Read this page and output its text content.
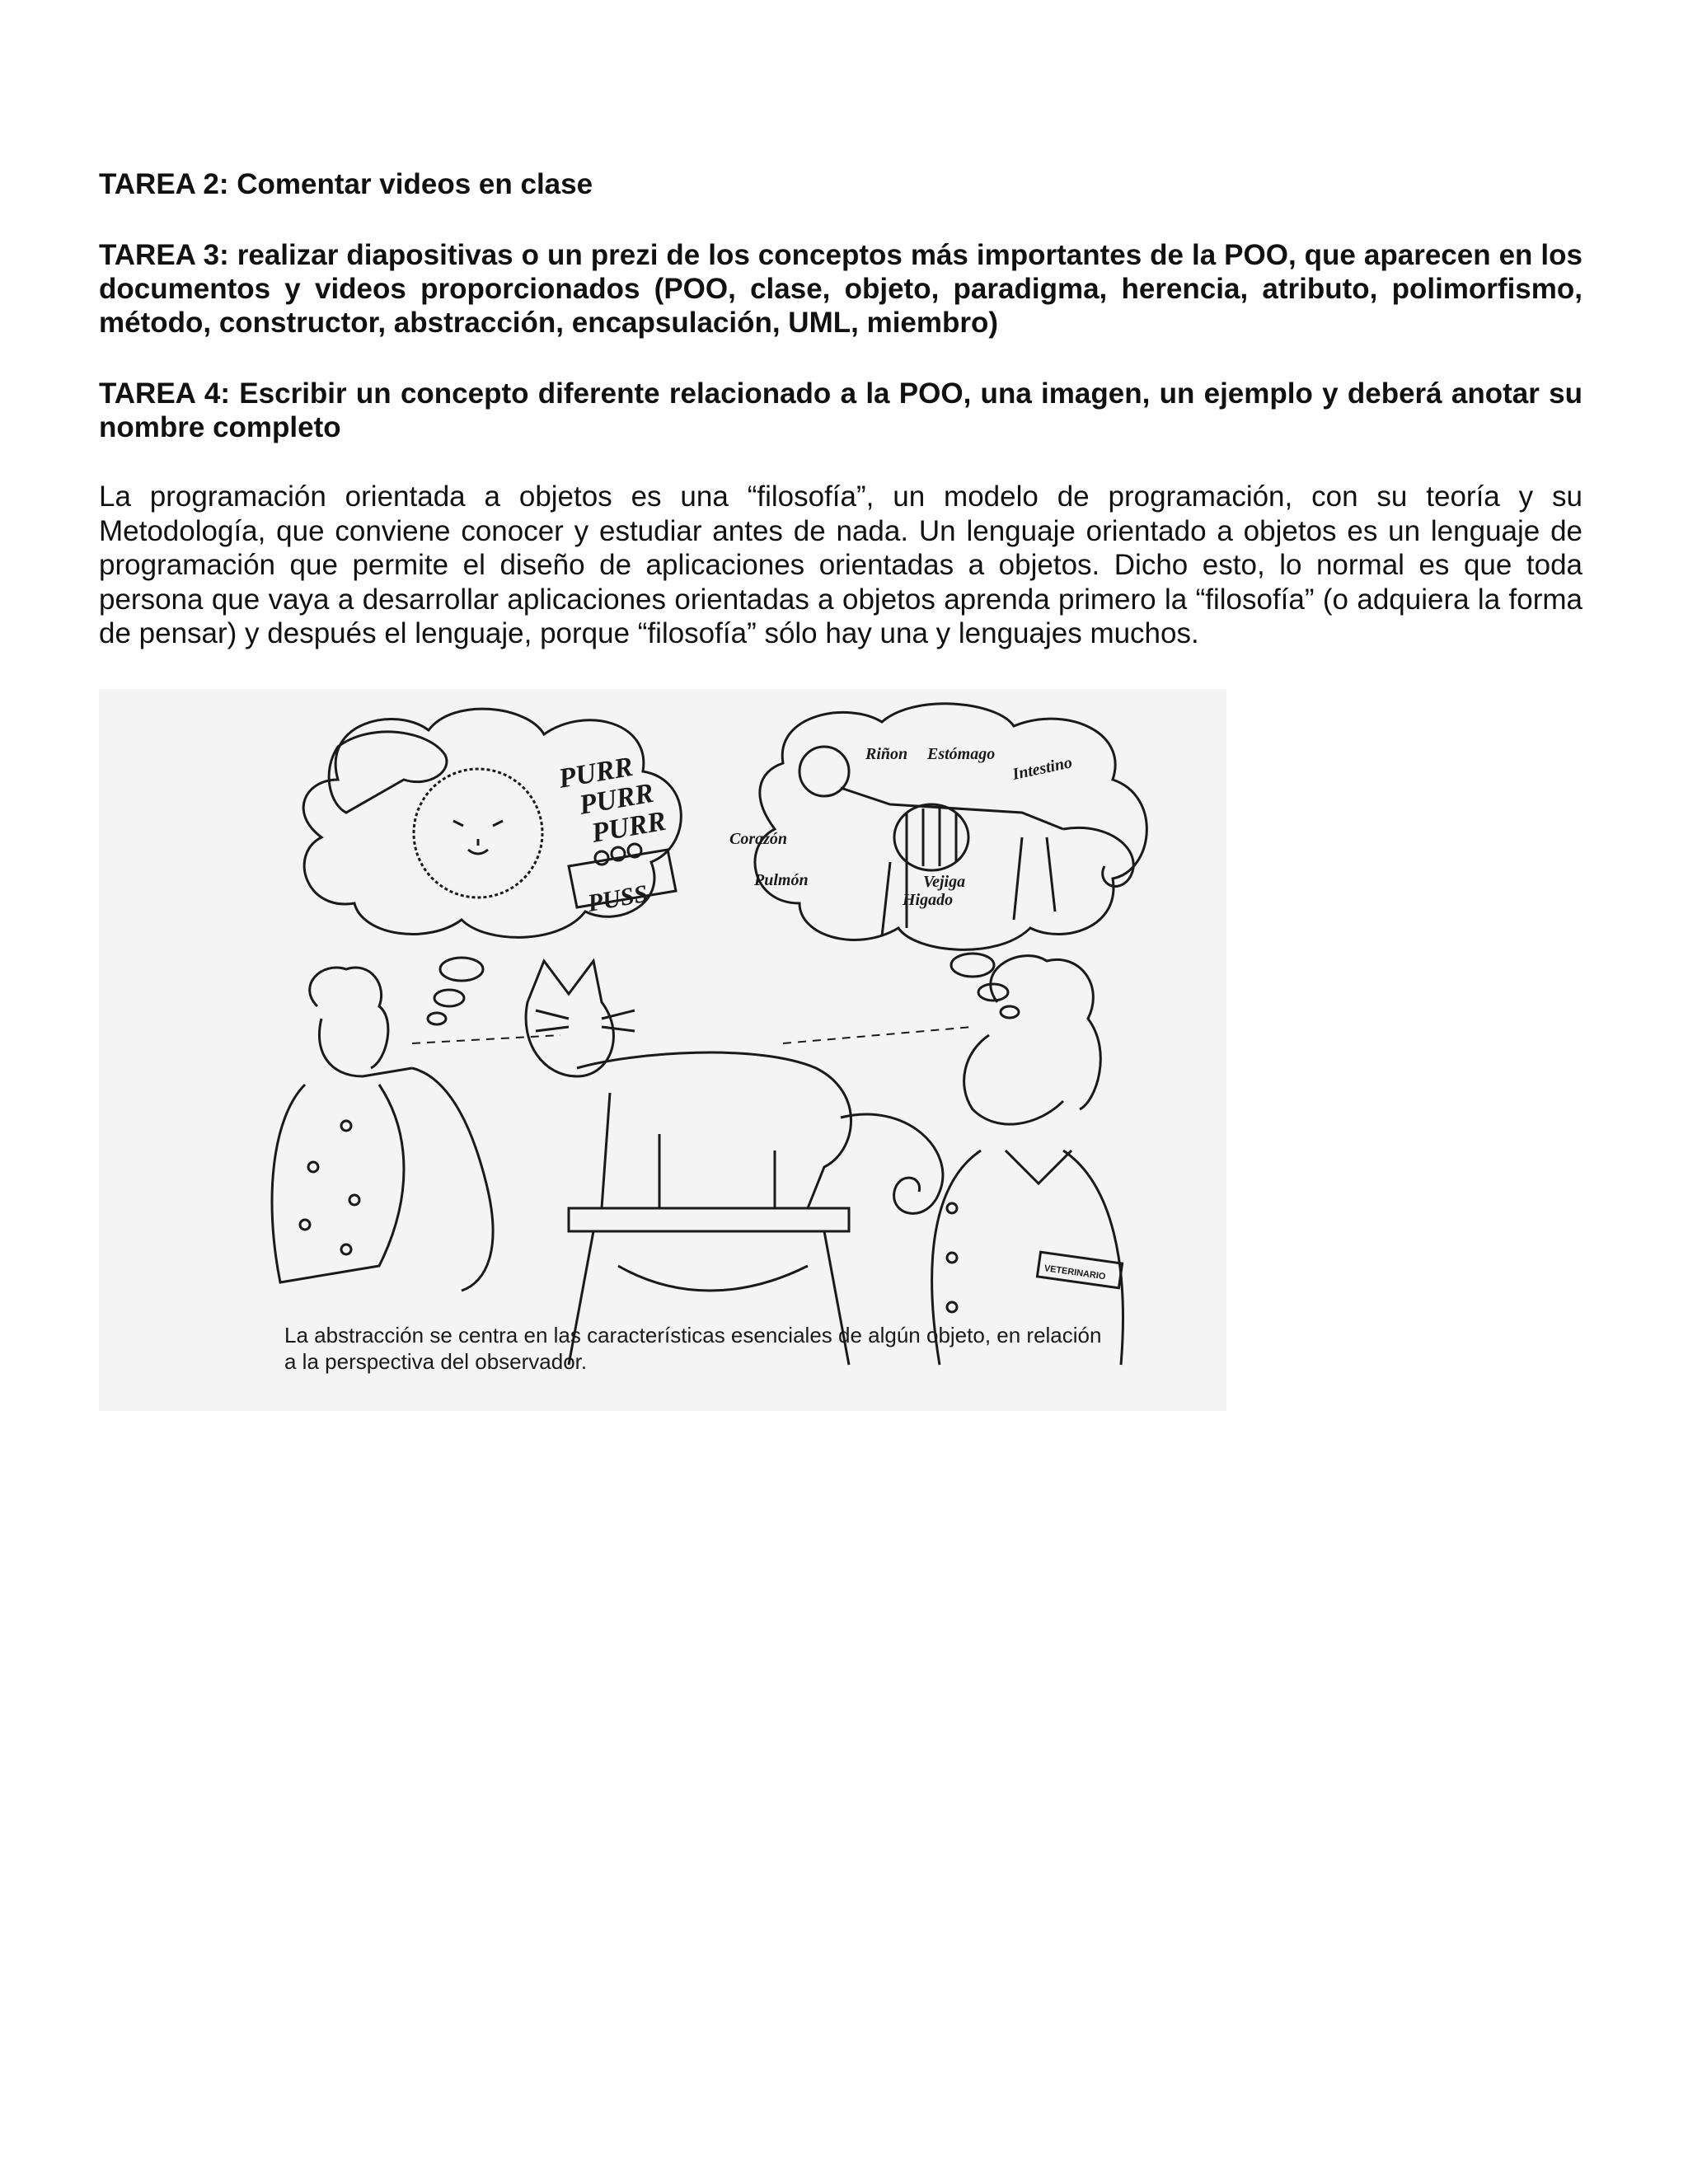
TAREA 2: Comentar videos en clase

TAREA 3: realizar diapositivas o un prezi de los conceptos más importantes de la POO, que aparecen en los documentos y videos proporcionados (POO, clase, objeto, paradigma, herencia, atributo, polimorfismo, método, constructor, abstracción, encapsulación, UML, miembro)

TAREA 4: Escribir un concepto diferente relacionado a la POO, una imagen, un ejemplo y deberá anotar su nombre completo

La programación orientada a objetos es una “filosofía”, un modelo de programación, con su teoría y su Metodología, que conviene conocer y estudiar antes de nada. Un lenguaje orientado a objetos es un lenguaje de programación que permite el diseño de aplicaciones orientadas a objetos. Dicho esto, lo normal es que toda persona que vaya a desarrollar aplicaciones orientadas a objetos aprenda primero la “filosofía” (o adquiera la forma de pensar) y después el lenguaje, porque “filosofía” sólo hay una y lenguajes muchos.

PURR
PURR
PURR
PUSS
Riñon Estómago Intestino
Corazón
Pulmón	Vejiga
Higado
VETERINARIO

La abstracción se centra en las características esenciales de algún objeto, en relación a la perspectiva del observador.
